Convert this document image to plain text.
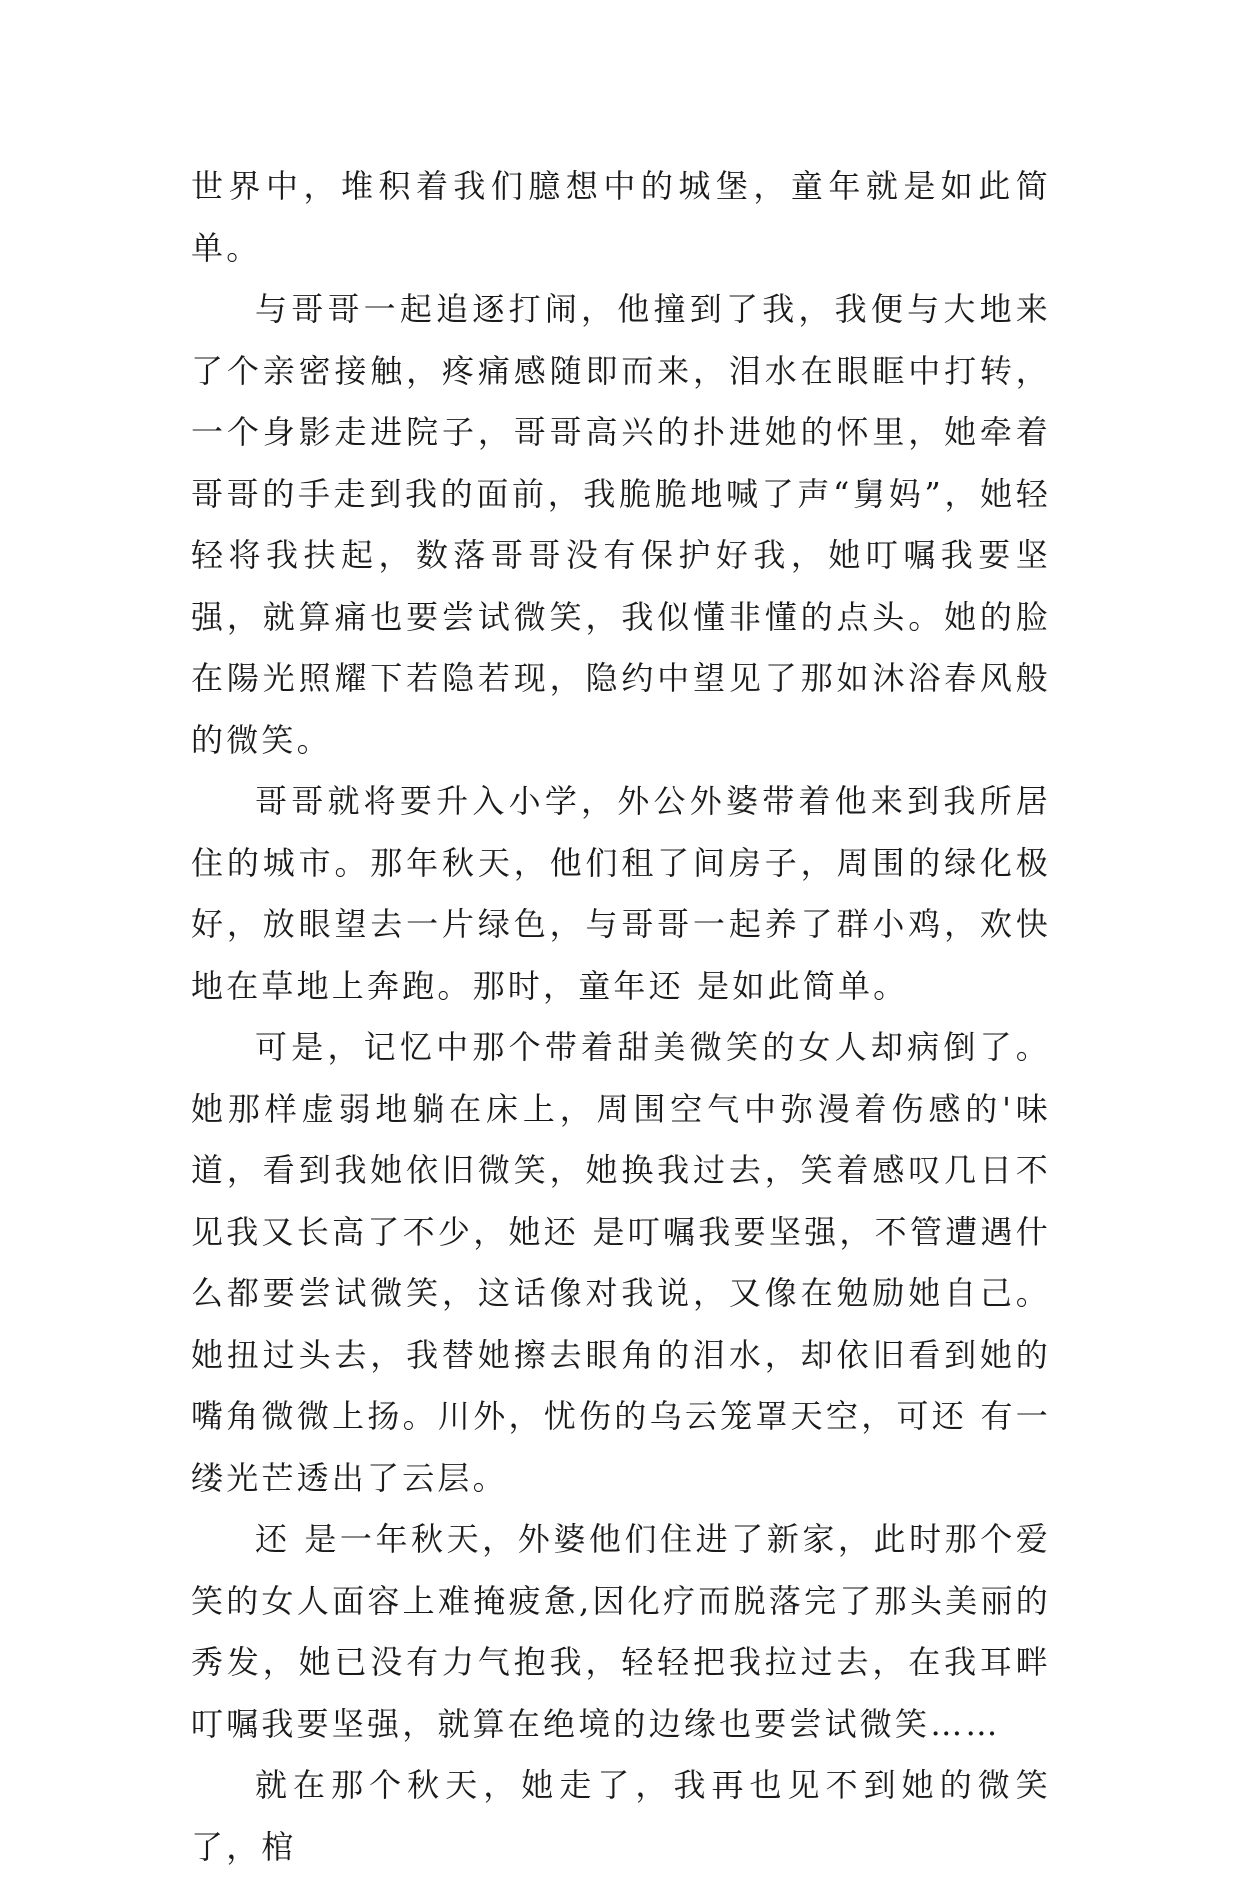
世界中，堆积着我们臆想中的城堡，童年就是如此简单。

与哥哥一起追逐打闹，他撞到了我，我便与大地来了个亲密接触，疼痛感随即而来，泪水在眼眶中打转，一个身影走进院子，哥哥高兴的扑进她的怀里，她牵着哥哥的手走到我的面前，我脆脆地喊了声“舅妈”，她轻轻将我扶起，数落哥哥没有保护好我，她叮嘱我要坚强，就算痛也要尝试微笑，我似懂非懂的点头。她的脸在陽光照耀下若隐若现，隐约中望见了那如沐浴春风般的微笑。

哥哥就将要升入小学，外公外婆带着他来到我所居住的城市。那年秋天，他们租了间房子，周围的绿化极好，放眼望去一片绿色，与哥哥一起养了群小鸡，欢快地在草地上奔跑。那时，童年还 是如此简单。

可是，记忆中那个带着甜美微笑的女人却病倒了。她那样虚弱地躺在床上，周围空气中弥漫着伤感的'味道，看到我她依旧微笑，她换我过去，笑着感叹几日不见我又长高了不少，她还 是叮嘱我要坚强，不管遭遇什么都要尝试微笑，这话像对我说，又像在勉励她自己。她扭过头去，我替她擦去眼角的泪水，却依旧看到她的嘴角微微上扬。川外，忧伤的乌云笼罩天空，可还 有一缕光芒透出了云层。

还 是一年秋天，外婆他们住进了新家，此时那个爱笑的女人面容上难掩疲惫,因化疗而脱落完了那头美丽的秀发，她已没有力气抱我，轻轻把我拉过去，在我耳畔叮嘱我要坚强，就算在绝境的边缘也要尝试微笑……

就在那个秋天，她走了，我再也见不到她的微笑了，棺
